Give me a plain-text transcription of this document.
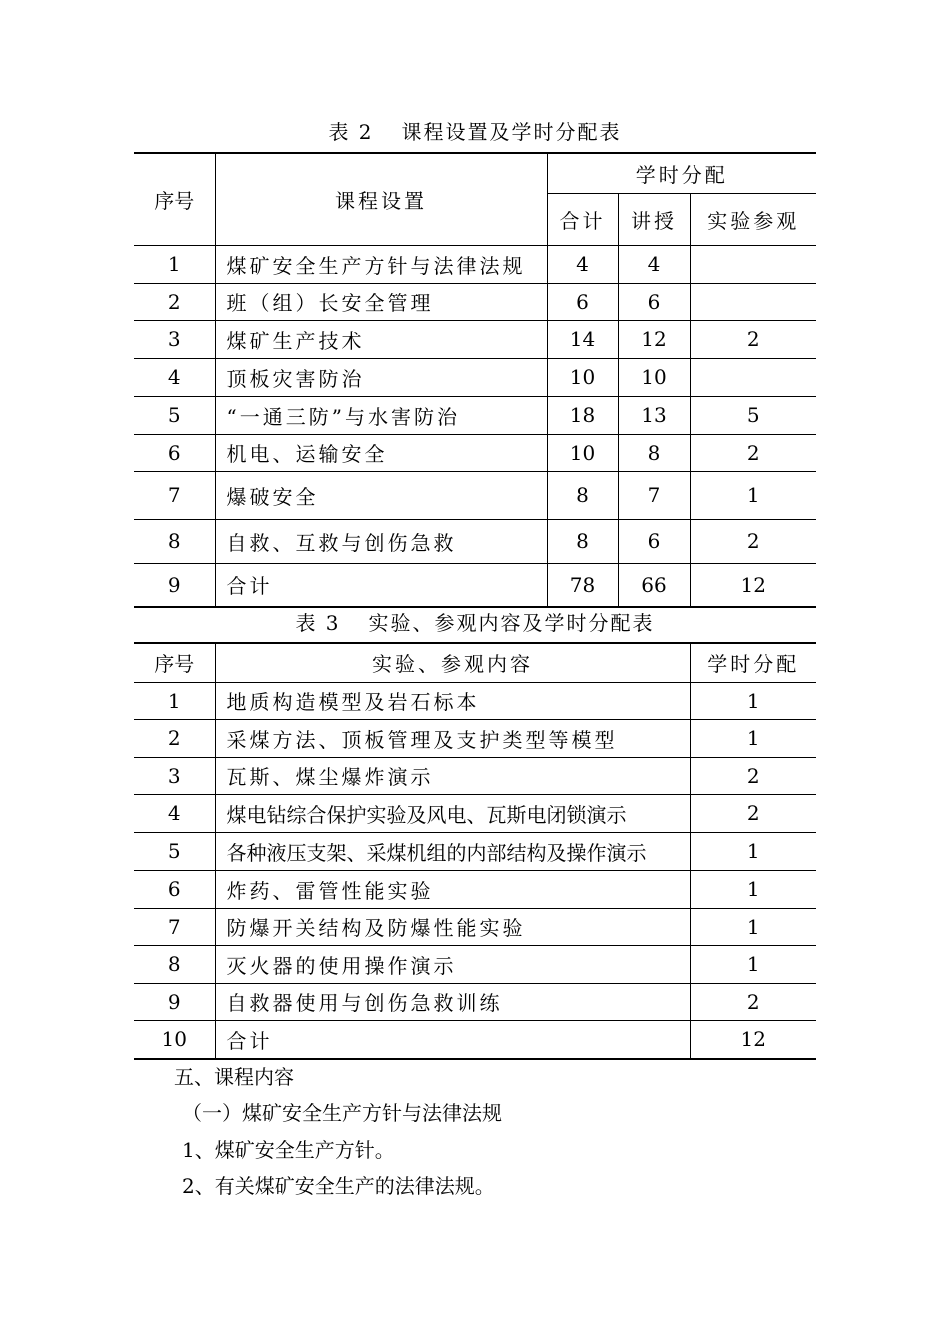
表 2 课程设置及学时分配表
序号	课程设置	学时分配		
		合计	讲授	实验参观
1	煤矿安全生产方针与法律法规	4	4	
2	班（组）长安全管理	6	6	
3	煤矿生产技术	14	12	2
4	顶板灾害防治	10	10	
5	“一通三防”与水害防治	18	13	5
6	机电、运输安全	10	8	2
7	爆破安全	8	7	1
8	自救、互救与创伤急救	8	6	2
9	合计	78	66	12
表 3 实验、参观内容及学时分配表
序号	实验、参观内容	学时分配
1	地质构造模型及岩石标本	1
2	采煤方法、顶板管理及支护类型等模型	1
3	瓦斯、煤尘爆炸演示	2
4	煤电钻综合保护实验及风电、瓦斯电闭锁演示	2
5	各种液压支架、采煤机组的内部结构及操作演示	1
6	炸药、雷管性能实验	1
7	防爆开关结构及防爆性能实验	1
8	灭火器的使用操作演示	1
9	自救器使用与创伤急救训练	2
10	合计	12
五、课程内容
（一）煤矿安全生产方针与法律法规
1、煤矿安全生产方针。
2、有关煤矿安全生产的法律法规。
